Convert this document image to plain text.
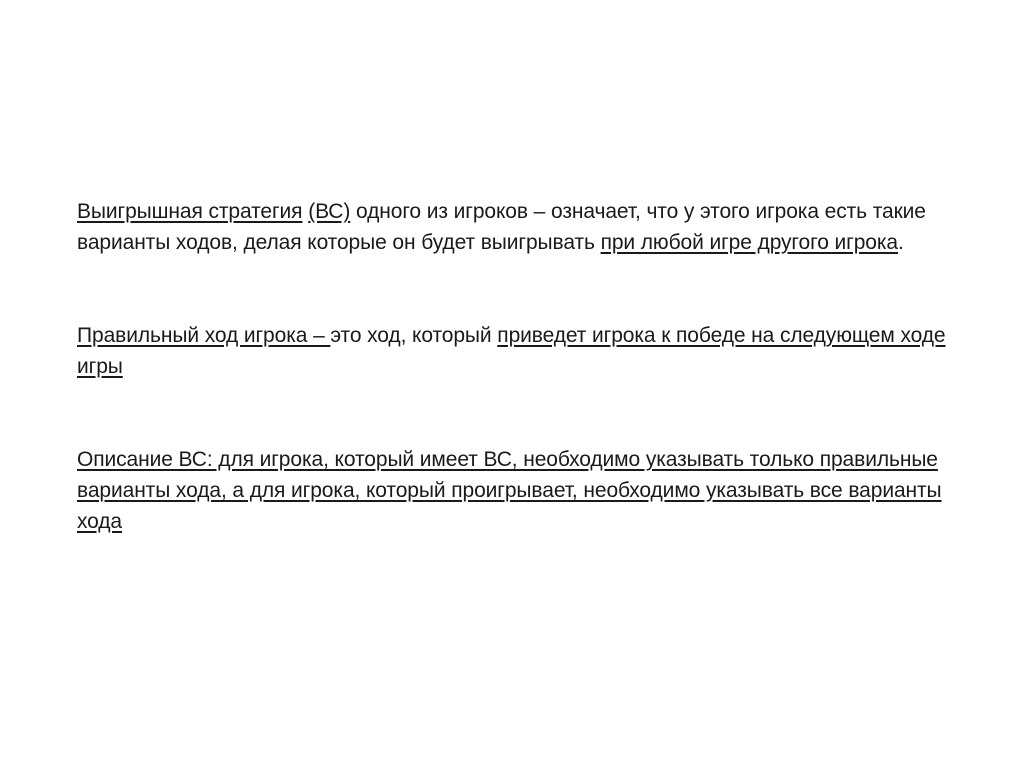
Выигрышная стратегия (ВС) одного из игроков – означает, что у этого игрока есть такие варианты ходов, делая которые он будет выигрывать при любой игре другого игрока.

Правильный ход игрока – это ход, который приведет игрока к победе на следующем ходе игры

Описание ВС: для игрока, который имеет ВС, необходимо указывать только правильные варианты хода, а для игрока, который проигрывает, необходимо указывать все варианты хода
